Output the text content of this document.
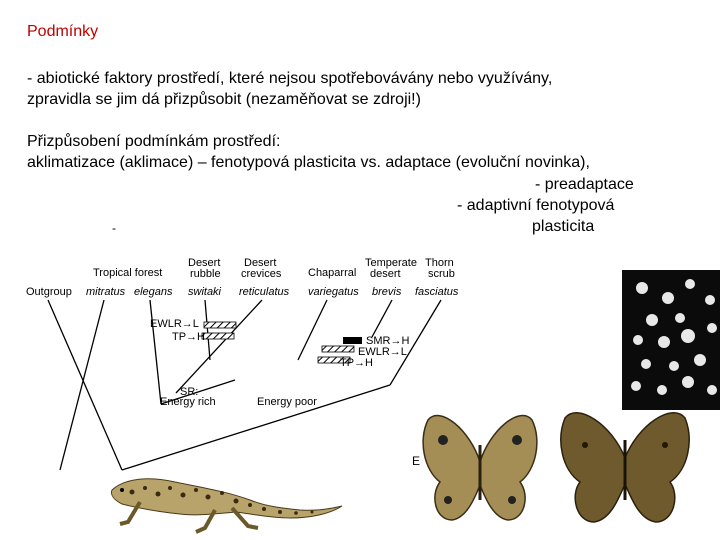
Podmínky
- abiotické faktory prostředí, které nejsou spotřebovávány nebo využívány,
zpravidla se jim dá přizpůsobit (nezaměňovat se zdroji!)
Přizpůsobení podmínkám prostředí:
aklimatizace (aklimace) – fenotypová plasticita vs. adaptace (evoluční novinka),
- preadaptace
- adaptivní fenotypová
plasticita
-
Tropical forest
Desert rubble
Desert crevices Chaparral
Temperate desert
Thorn scrub
Outgroup mitratus elegans switaki reticulatus variegatus brevis fasciatus
EWLR→L
TP→H	SMR→H
EWLR→L
TP→H
SR:
Energy rich	Energy poor
E
